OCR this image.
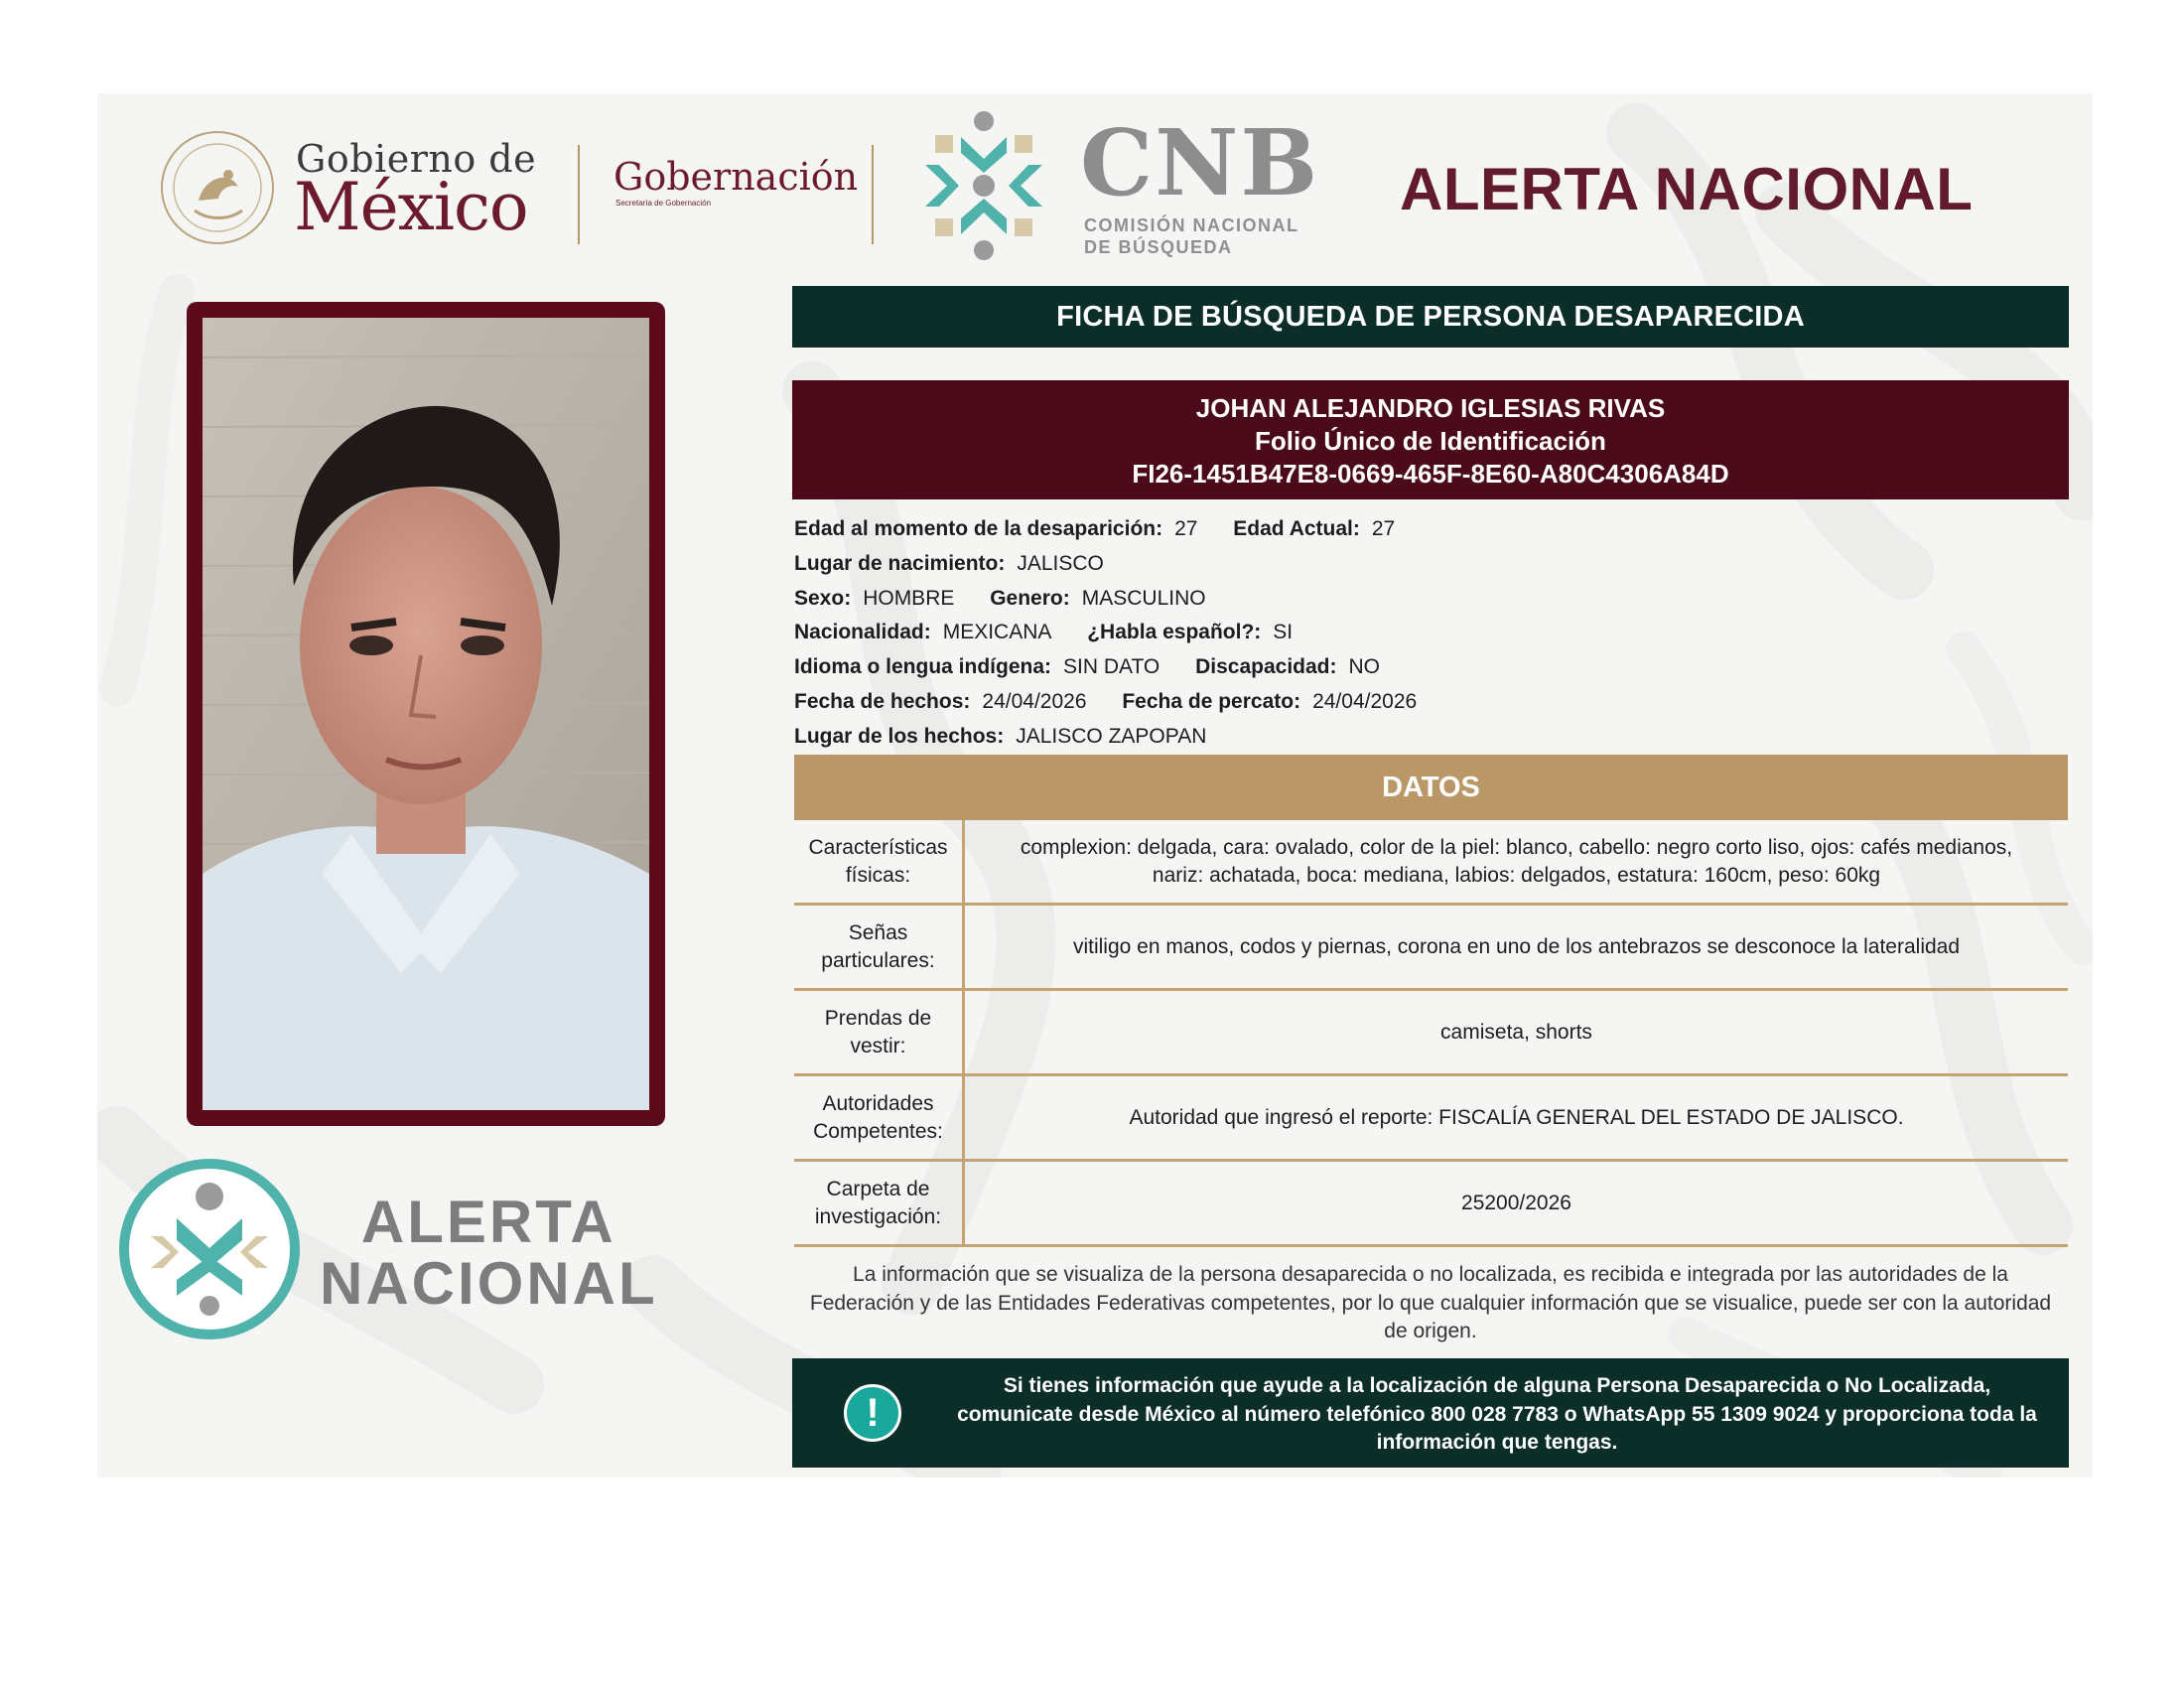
Gobierno de
México Gobernación
Secretaría de Gobernación	CNB
COMISIÓN NACIONAL
DE BÚSQUEDA
ALERTA NACIONAL
ALERTA
NACIONAL
FICHA DE BÚSQUEDA DE PERSONA DESAPARECIDA
JOHAN ALEJANDRO IGLESIAS RIVAS
Folio Único de Identificación
FI26-1451B47E8-0669-465F-8E60-A80C4306A84D
Edad al momento de la desaparición: 27 Edad Actual: 27
Lugar de nacimiento: JALISCO
Sexo: HOMBRE Genero: MASCULINO
Nacionalidad: MEXICANA ¿Habla español?: SI
Idioma o lengua indígena: SIN DATO Discapacidad: NO
Fecha de hechos: 24/04/2026 Fecha de percato: 24/04/2026
Lugar de los hechos: JALISCO ZAPOPAN
DATOS
Características físicas:
complexion: delgada, cara: ovalado, color de la piel: blanco, cabello: negro corto liso, ojos: cafés medianos, nariz: achatada, boca: mediana, labios: delgados, estatura: 160cm, peso: 60kg
Señas particulares:
vitiligo en manos, codos y piernas, corona en uno de los antebrazos se desconoce la lateralidad
Prendas de vestir:
camiseta, shorts
Autoridades Competentes:
Autoridad que ingresó el reporte: FISCALÍA GENERAL DEL ESTADO DE JALISCO.
Carpeta de investigación:
25200/2026
La información que se visualiza de la persona desaparecida o no localizada, es recibida e integrada por las autoridades de la Federación y de las Entidades Federativas competentes, por lo que cualquier información que se visualice, puede ser con la autoridad de origen.
!
Si tienes información que ayude a la localización de alguna Persona Desaparecida o No Localizada, comunicate desde México al número telefónico 800 028 7783 o WhatsApp 55 1309 9024 y proporciona toda la información que tengas.
